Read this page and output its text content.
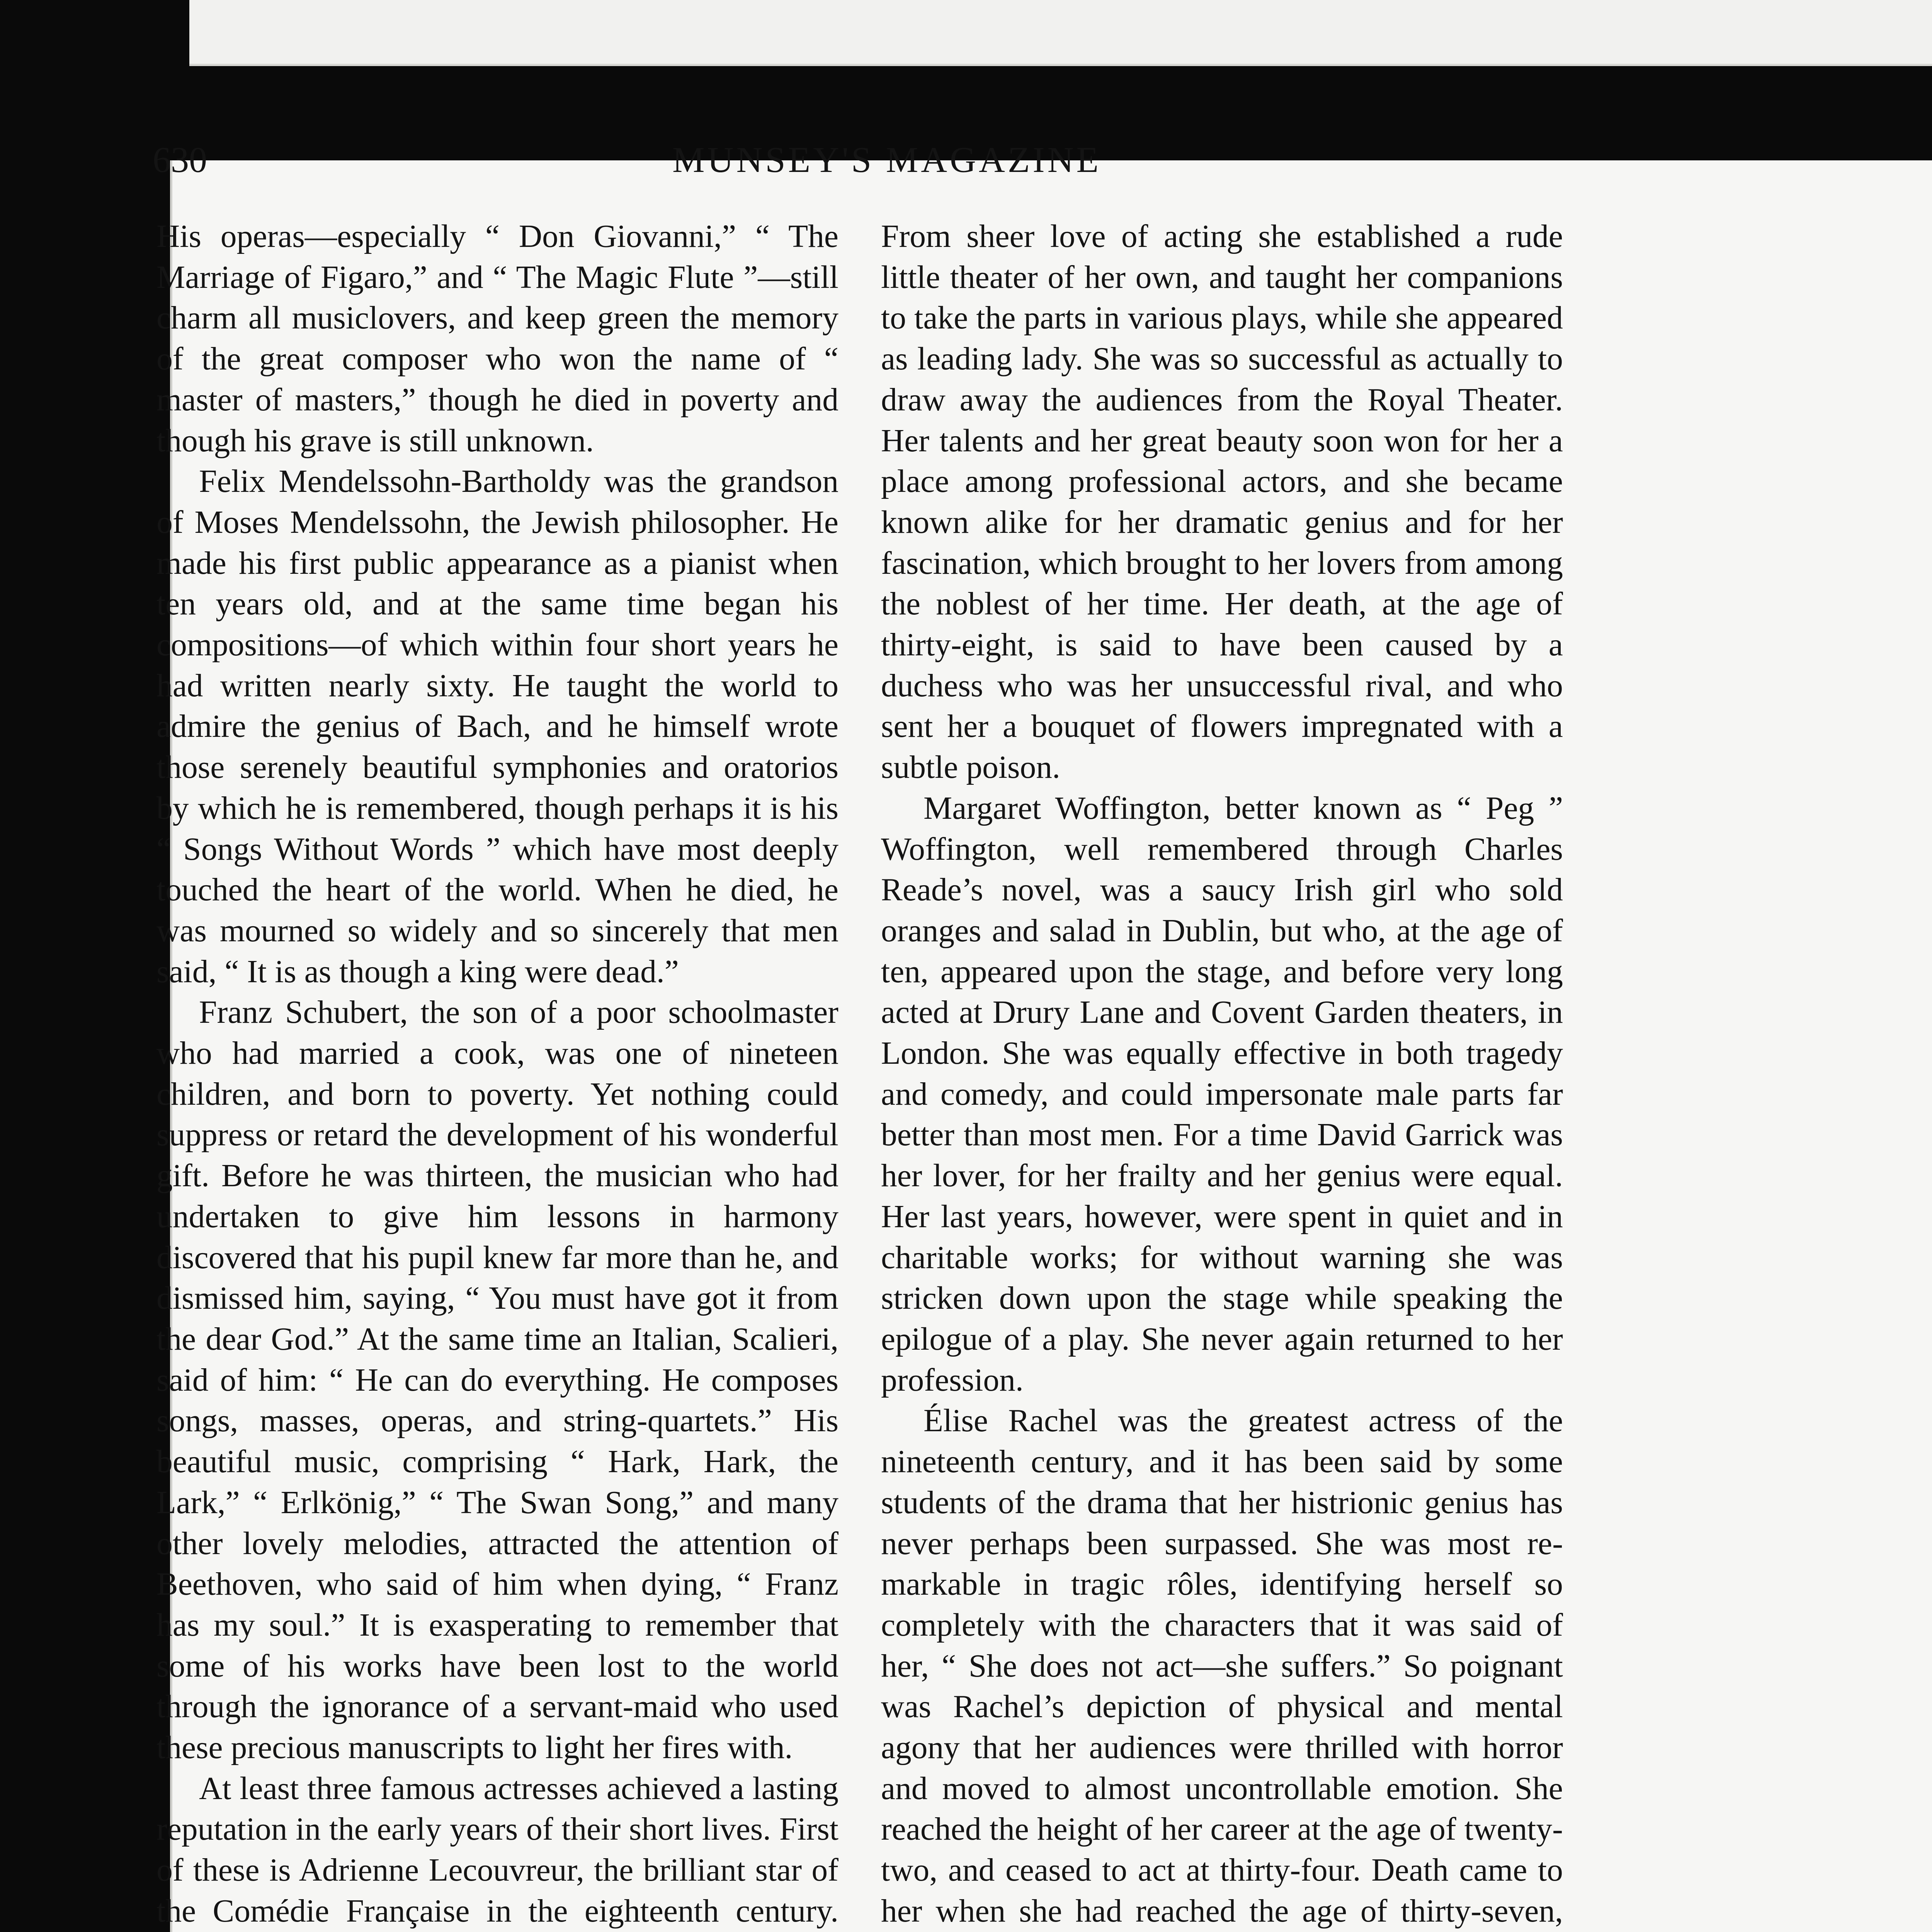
630	MUNSEY'S MAGAZINE

His operas—especially “ Don Giovanni,” “ The Marriage of Figaro,” and “ The Magic Flute ”—still charm all musiclovers, and keep green the memory of the great composer who won the name of “ master of masters,” though he died in poverty and though his grave is still unknown.

Felix Mendelssohn-Bartholdy was the grandson of Moses Mendelssohn, the Jewish philosopher. He made his first public appearance as a pianist when ten years old, and at the same time began his compositions—of which within four short years he had written nearly sixty. He taught the world to admire the genius of Bach, and he himself wrote those serenely beautiful symphonies and oratorios by which he is remembered, though perhaps it is his “ Songs Without Words ” which have most deeply touched the heart of the world. When he died, he was mourned so widely and so sincerely that men said, “ It is as though a king were dead.”

Franz Schubert, the son of a poor schoolmaster who had married a cook, was one of nineteen children, and born to poverty. Yet nothing could suppress or retard the development of his wonderful gift. Before he was thirteen, the musician who had undertaken to give him lessons in harmony discovered that his pupil knew far more than he, and dismissed him, saying, “ You must have got it from the dear God.” At the same time an Italian, Scalieri, said of him: “ He can do everything. He composes songs, masses, operas, and string-quartets.” His beautiful music, comprising “ Hark, Hark, the Lark,” “ Erlkönig,” “ The Swan Song,” and many other lovely melodies, attracted the attention of Beethoven, who said of him when dying, “ Franz has my soul.” It is exasperating to remember that some of his works have been lost to the world through the ignorance of a servant-maid who used these precious manuscripts to light her fires with.

At least three famous actresses achieved a lasting reputation in the early years of their short lives. First of these is Adrienne Lecouvreur, the brilliant star of the Comédie Française in the eighteenth century.

From sheer love of acting she established a rude little theater of her own, and taught her companions to take the parts in various plays, while she appeared as leading lady. She was so successful as actually to draw away the audiences from the Royal Theater. Her talents and her great beauty soon won for her a place among professional actors, and she became known alike for her dramatic genius and for her fascination, which brought to her lovers from among the noblest of her time. Her death, at the age of thirty-eight, is said to have been caused by a duchess who was her unsuccessful rival, and who sent her a bouquet of flowers impregnated with a subtle poison.

Margaret Woffington, better known as “ Peg ” Woffington, well remembered through Charles Reade’s novel, was a saucy Irish girl who sold oranges and salad in Dublin, but who, at the age of ten, appeared upon the stage, and before very long acted at Drury Lane and Covent Garden theaters, in London. She was equally effective in both tragedy and comedy, and could impersonate male parts far better than most men. For a time David Garrick was her lover, for her frailty and her genius were equal. Her last years, however, were spent in quiet and in charitable works; for without warning she was stricken down upon the stage while speaking the epilogue of a play. She never again returned to her profession.

Élise Rachel was the greatest actress of the nineteenth century, and it has been said by some students of the drama that her histrionic genius has never perhaps been surpassed. She was most remarkable in tragic rôles, identifying herself so completely with the characters that it was said of her, “ She does not act—she suffers.” So poignant was Rachel’s depiction of physical and mental agony that her audiences were thrilled with horror and moved to almost uncontrollable emotion. She reached the height of her career at the age of twenty-two, and ceased to act at thirty-four. Death came to her when she had reached the age of thirty-seven,
